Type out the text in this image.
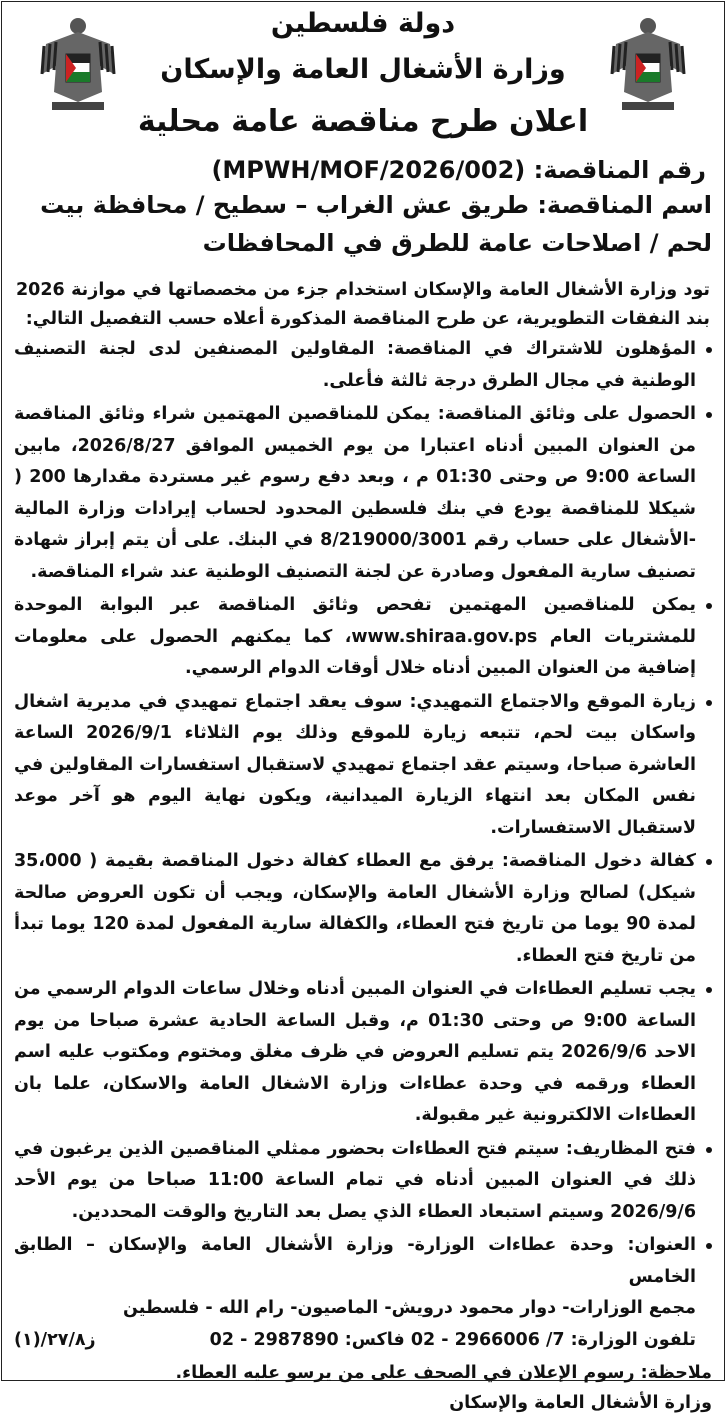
دولة فلسطين
وزارة الأشغال العامة والإسكان
اعلان طرح مناقصة عامة محلية
رقم المناقصة: (MPWH/MOF/2026/002)
اسم المناقصة: طريق عش الغراب – سطيح / محافظة بيت لحم / اصلاحات عامة للطرق في المحافظات
تود وزارة الأشغال العامة والإسكان استخدام جزء من مخصصاتها في موازنة 2026 بند النفقات التطويرية، عن طرح المناقصة المذكورة أعلاه حسب التفصيل التالي:
المؤهلون للاشتراك في المناقصة: المقاولين المصنفين لدى لجنة التصنيف الوطنية في مجال الطرق درجة ثالثة فأعلى.
الحصول على وثائق المناقصة: يمكن للمناقصين المهتمين شراء وثائق المناقصة من العنوان المبين أدناه اعتبارا من يوم الخميس الموافق 2026/8/27، مابين الساعة 9:00 ص وحتى 01:30 م ، وبعد دفع رسوم غير مستردة مقدارها 200 ( شيكلا للمناقصة يودع في بنك فلسطين المحدود لحساب إيرادات وزارة المالية -الأشغال على حساب رقم 8/219000/3001 في البنك. على أن يتم إبراز شهادة تصنيف سارية المفعول وصادرة عن لجنة التصنيف الوطنية عند شراء المناقصة.
يمكن للمناقصين المهتمين تفحص وثائق المناقصة عبر البوابة الموحدة للمشتريات العام www.shiraa.gov.ps، كما يمكنهم الحصول على معلومات إضافية من العنوان المبين أدناه خلال أوقات الدوام الرسمي.
زيارة الموقع والاجتماع التمهيدي: سوف يعقد اجتماع تمهيدي في مديرية اشغال واسكان بيت لحم، تتبعه زيارة للموقع وذلك يوم الثلاثاء 2026/9/1 الساعة العاشرة صباحا، وسيتم عقد اجتماع تمهيدي لاستقبال استفسارات المقاولين في نفس المكان بعد انتهاء الزيارة الميدانية، ويكون نهاية اليوم هو آخر موعد لاستقبال الاستفسارات.
كفالة دخول المناقصة: يرفق مع العطاء كفالة دخول المناقصة بقيمة ( 35،000 شيكل) لصالح وزارة الأشغال العامة والإسكان، ويجب أن تكون العروض صالحة لمدة 90 يوما من تاريخ فتح العطاء، والكفالة سارية المفعول لمدة 120 يوما تبدأ من تاريخ فتح العطاء.
يجب تسليم العطاءات في العنوان المبين أدناه وخلال ساعات الدوام الرسمي من الساعة 9:00 ص وحتى 01:30 م، وقبل الساعة الحادية عشرة صباحا من يوم الاحد 2026/9/6 يتم تسليم العروض في ظرف مغلق ومختوم ومكتوب عليه اسم العطاء ورقمه في وحدة عطاءات وزارة الاشغال العامة والاسكان، علما بان العطاءات الالكترونية غير مقبولة.
فتح المظاريف: سيتم فتح العطاءات بحضور ممثلي المناقصين الذين يرغبون في ذلك في العنوان المبين أدناه في تمام الساعة 11:00 صباحا من يوم الأحد 2026/9/6 وسيتم استبعاد العطاء الذي يصل بعد التاريخ والوقت المحددين.
العنوان: وحدة عطاءات الوزارة- وزارة الأشغال العامة والإسكان – الطابق الخامس
مجمع الوزارات- دوار محمود درويش- الماصيون- رام الله - فلسطين
تلفون الوزارة: 7/ 2966006 - 02 فاكس: 2987890 - 02
ملاحظة: رسوم الإعلان في الصحف على من يرسو عليه العطاء.
وزارة الأشغال العامة والإسكان
ز٢٧/٨/(١)
